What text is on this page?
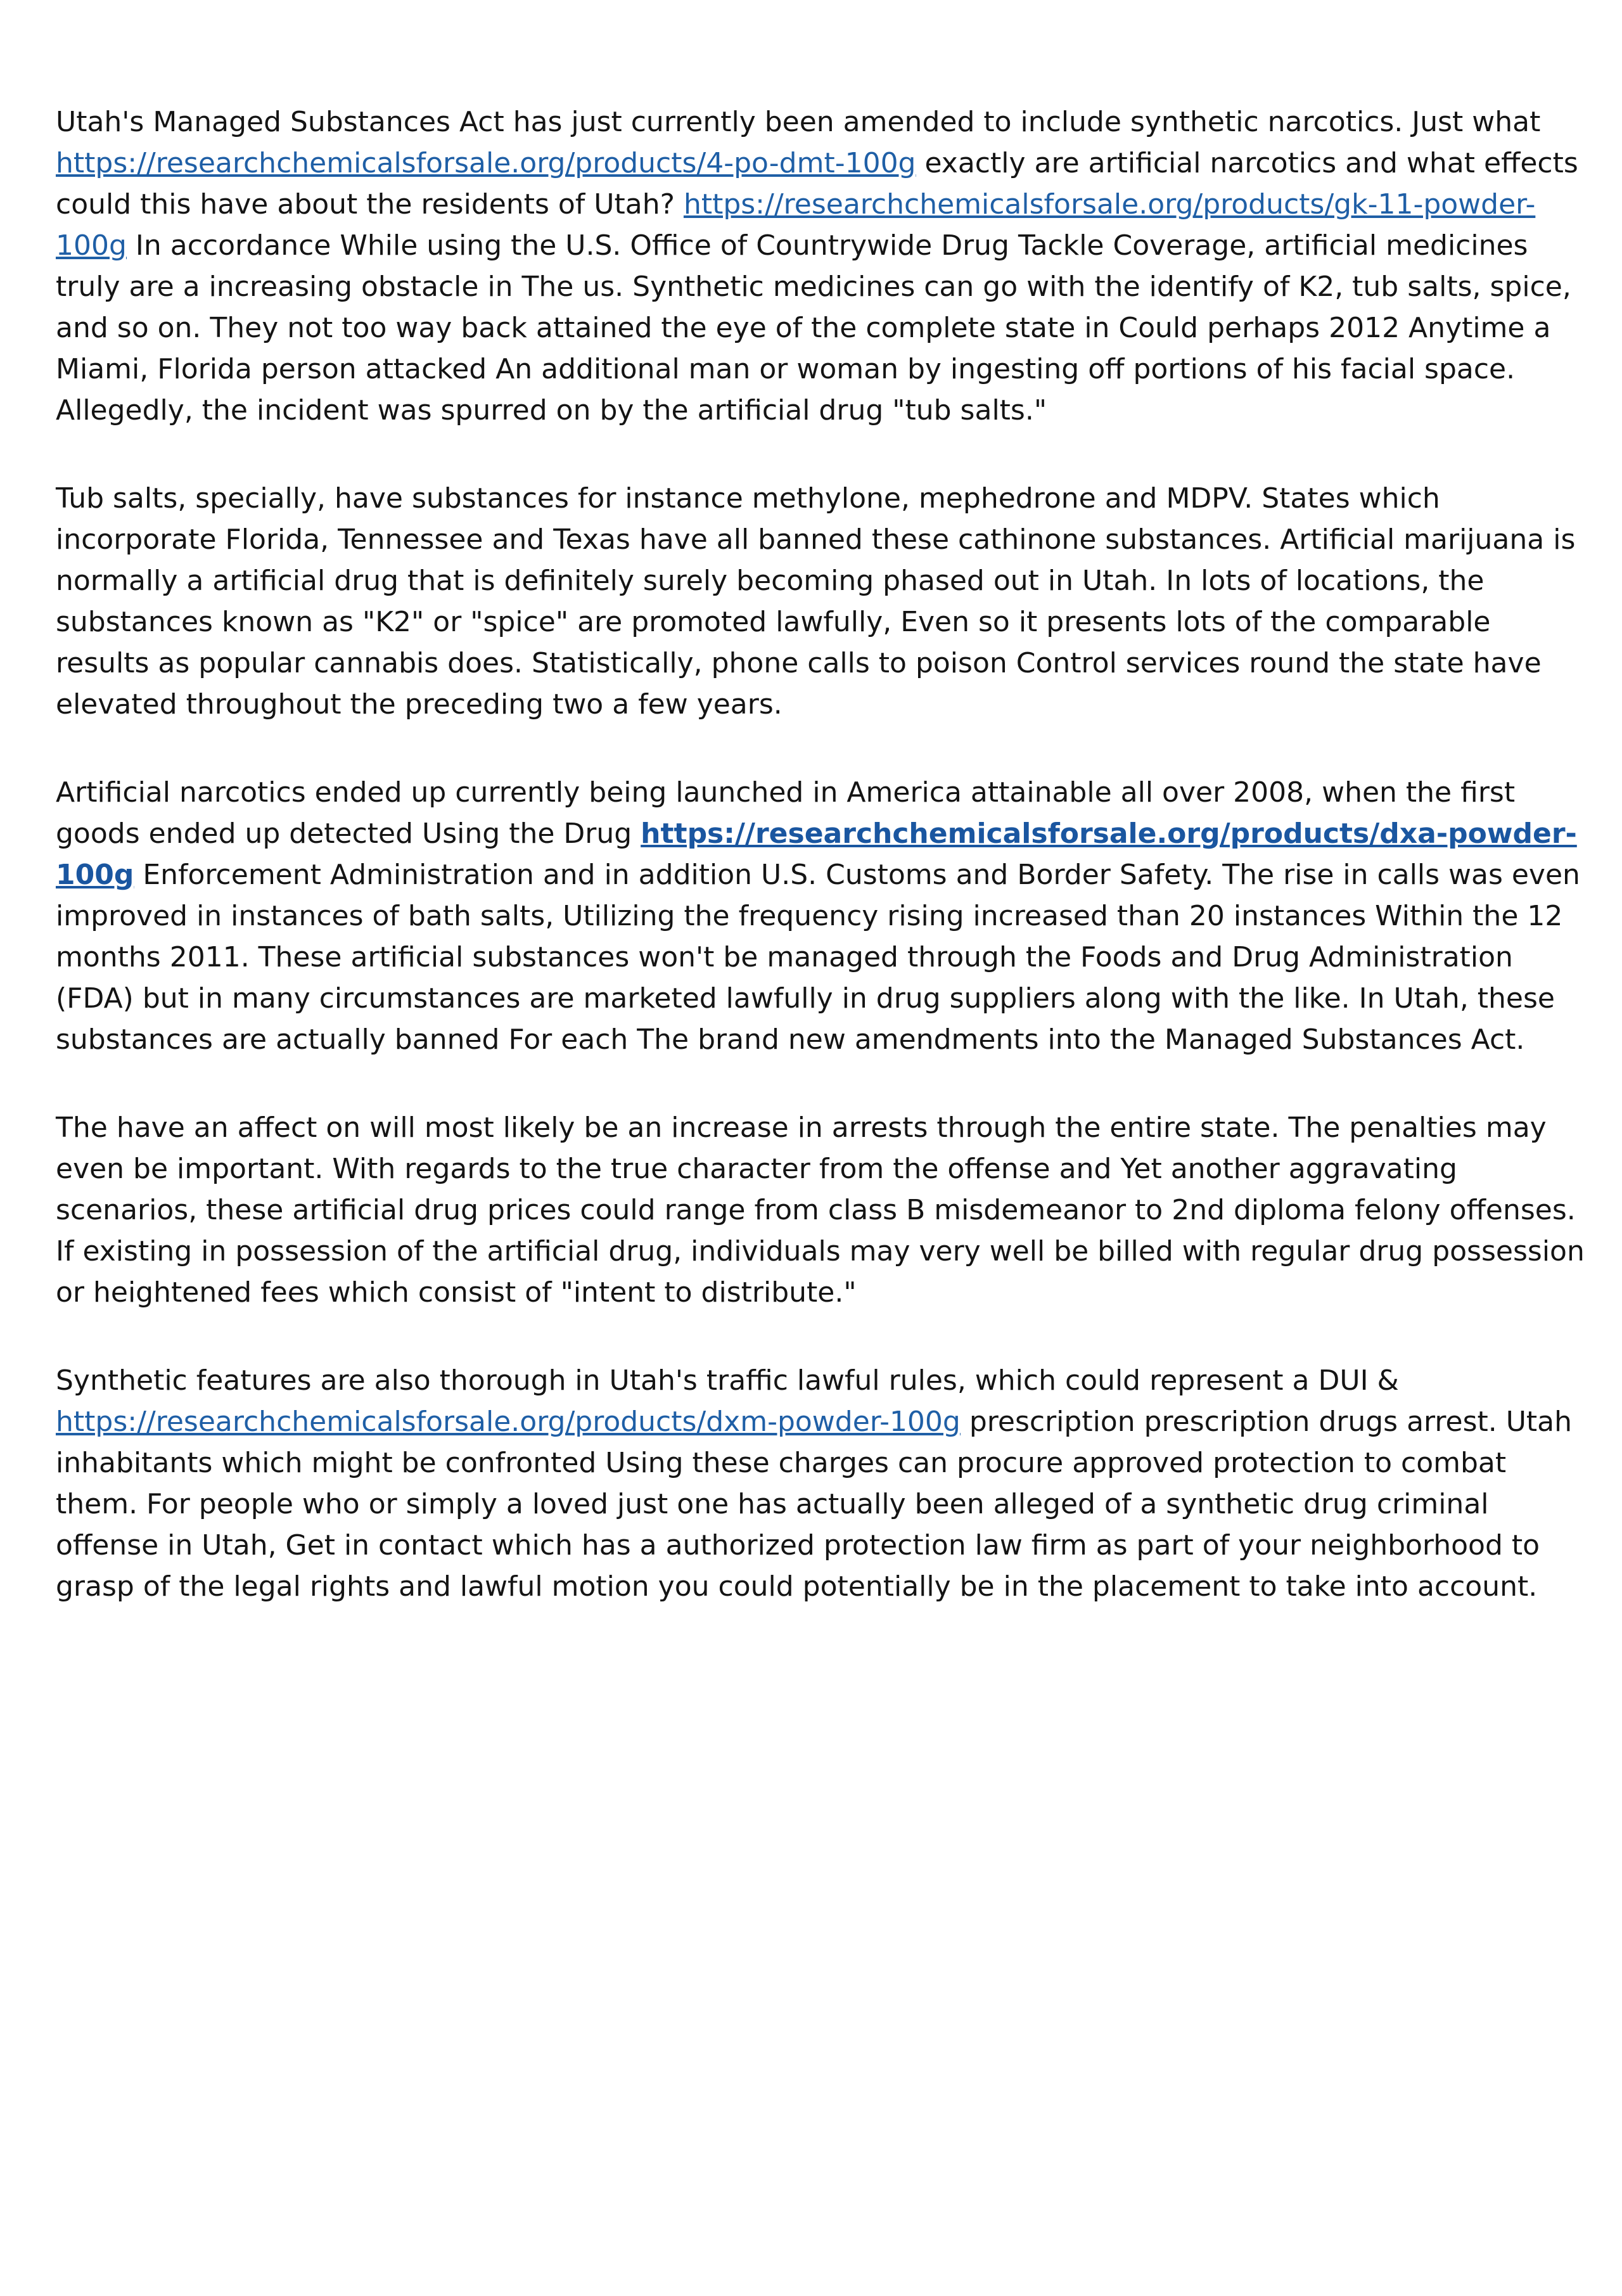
Utah's Managed Substances Act has just currently been amended to include synthetic narcotics. Just what https://researchchemicalsforsale.org/products/4-po-dmt-100g exactly are artificial narcotics and what effects could this have about the residents of Utah? https://researchchemicalsforsale.org/products/gk-11-powder-100g In accordance While using the U.S. Office of Countrywide Drug Tackle Coverage, artificial medicines truly are a increasing obstacle in The us. Synthetic medicines can go with the identify of K2, tub salts, spice, and so on. They not too way back attained the eye of the complete state in Could perhaps 2012 Anytime a Miami, Florida person attacked An additional man or woman by ingesting off portions of his facial space. Allegedly, the incident was spurred on by the artificial drug "tub salts."

Tub salts, specially, have substances for instance methylone, mephedrone and MDPV. States which incorporate Florida, Tennessee and Texas have all banned these cathinone substances. Artificial marijuana is normally a artificial drug that is definitely surely becoming phased out in Utah. In lots of locations, the substances known as "K2" or "spice" are promoted lawfully, Even so it presents lots of the comparable results as popular cannabis does. Statistically, phone calls to poison Control services round the state have elevated throughout the preceding two a few years.

Artificial narcotics ended up currently being launched in America attainable all over 2008, when the first goods ended up detected Using the Drug https://researchchemicalsforsale.org/products/dxa-powder-100g Enforcement Administration and in addition U.S. Customs and Border Safety. The rise in calls was even improved in instances of bath salts, Utilizing the frequency rising increased than 20 instances Within the 12 months 2011. These artificial substances won't be managed through the Foods and Drug Administration (FDA) but in many circumstances are marketed lawfully in drug suppliers along with the like. In Utah, these substances are actually banned For each The brand new amendments into the Managed Substances Act.

The have an affect on will most likely be an increase in arrests through the entire state. The penalties may even be important. With regards to the true character from the offense and Yet another aggravating scenarios, these artificial drug prices could range from class B misdemeanor to 2nd diploma felony offenses. If existing in possession of the artificial drug, individuals may very well be billed with regular drug possession or heightened fees which consist of "intent to distribute."

Synthetic features are also thorough in Utah's traffic lawful rules, which could represent a DUI & https://researchchemicalsforsale.org/products/dxm-powder-100g prescription prescription drugs arrest. Utah inhabitants which might be confronted Using these charges can procure approved protection to combat them. For people who or simply a loved just one has actually been alleged of a synthetic drug criminal offense in Utah, Get in contact which has a authorized protection law firm as part of your neighborhood to grasp of the legal rights and lawful motion you could potentially be in the placement to take into account.
